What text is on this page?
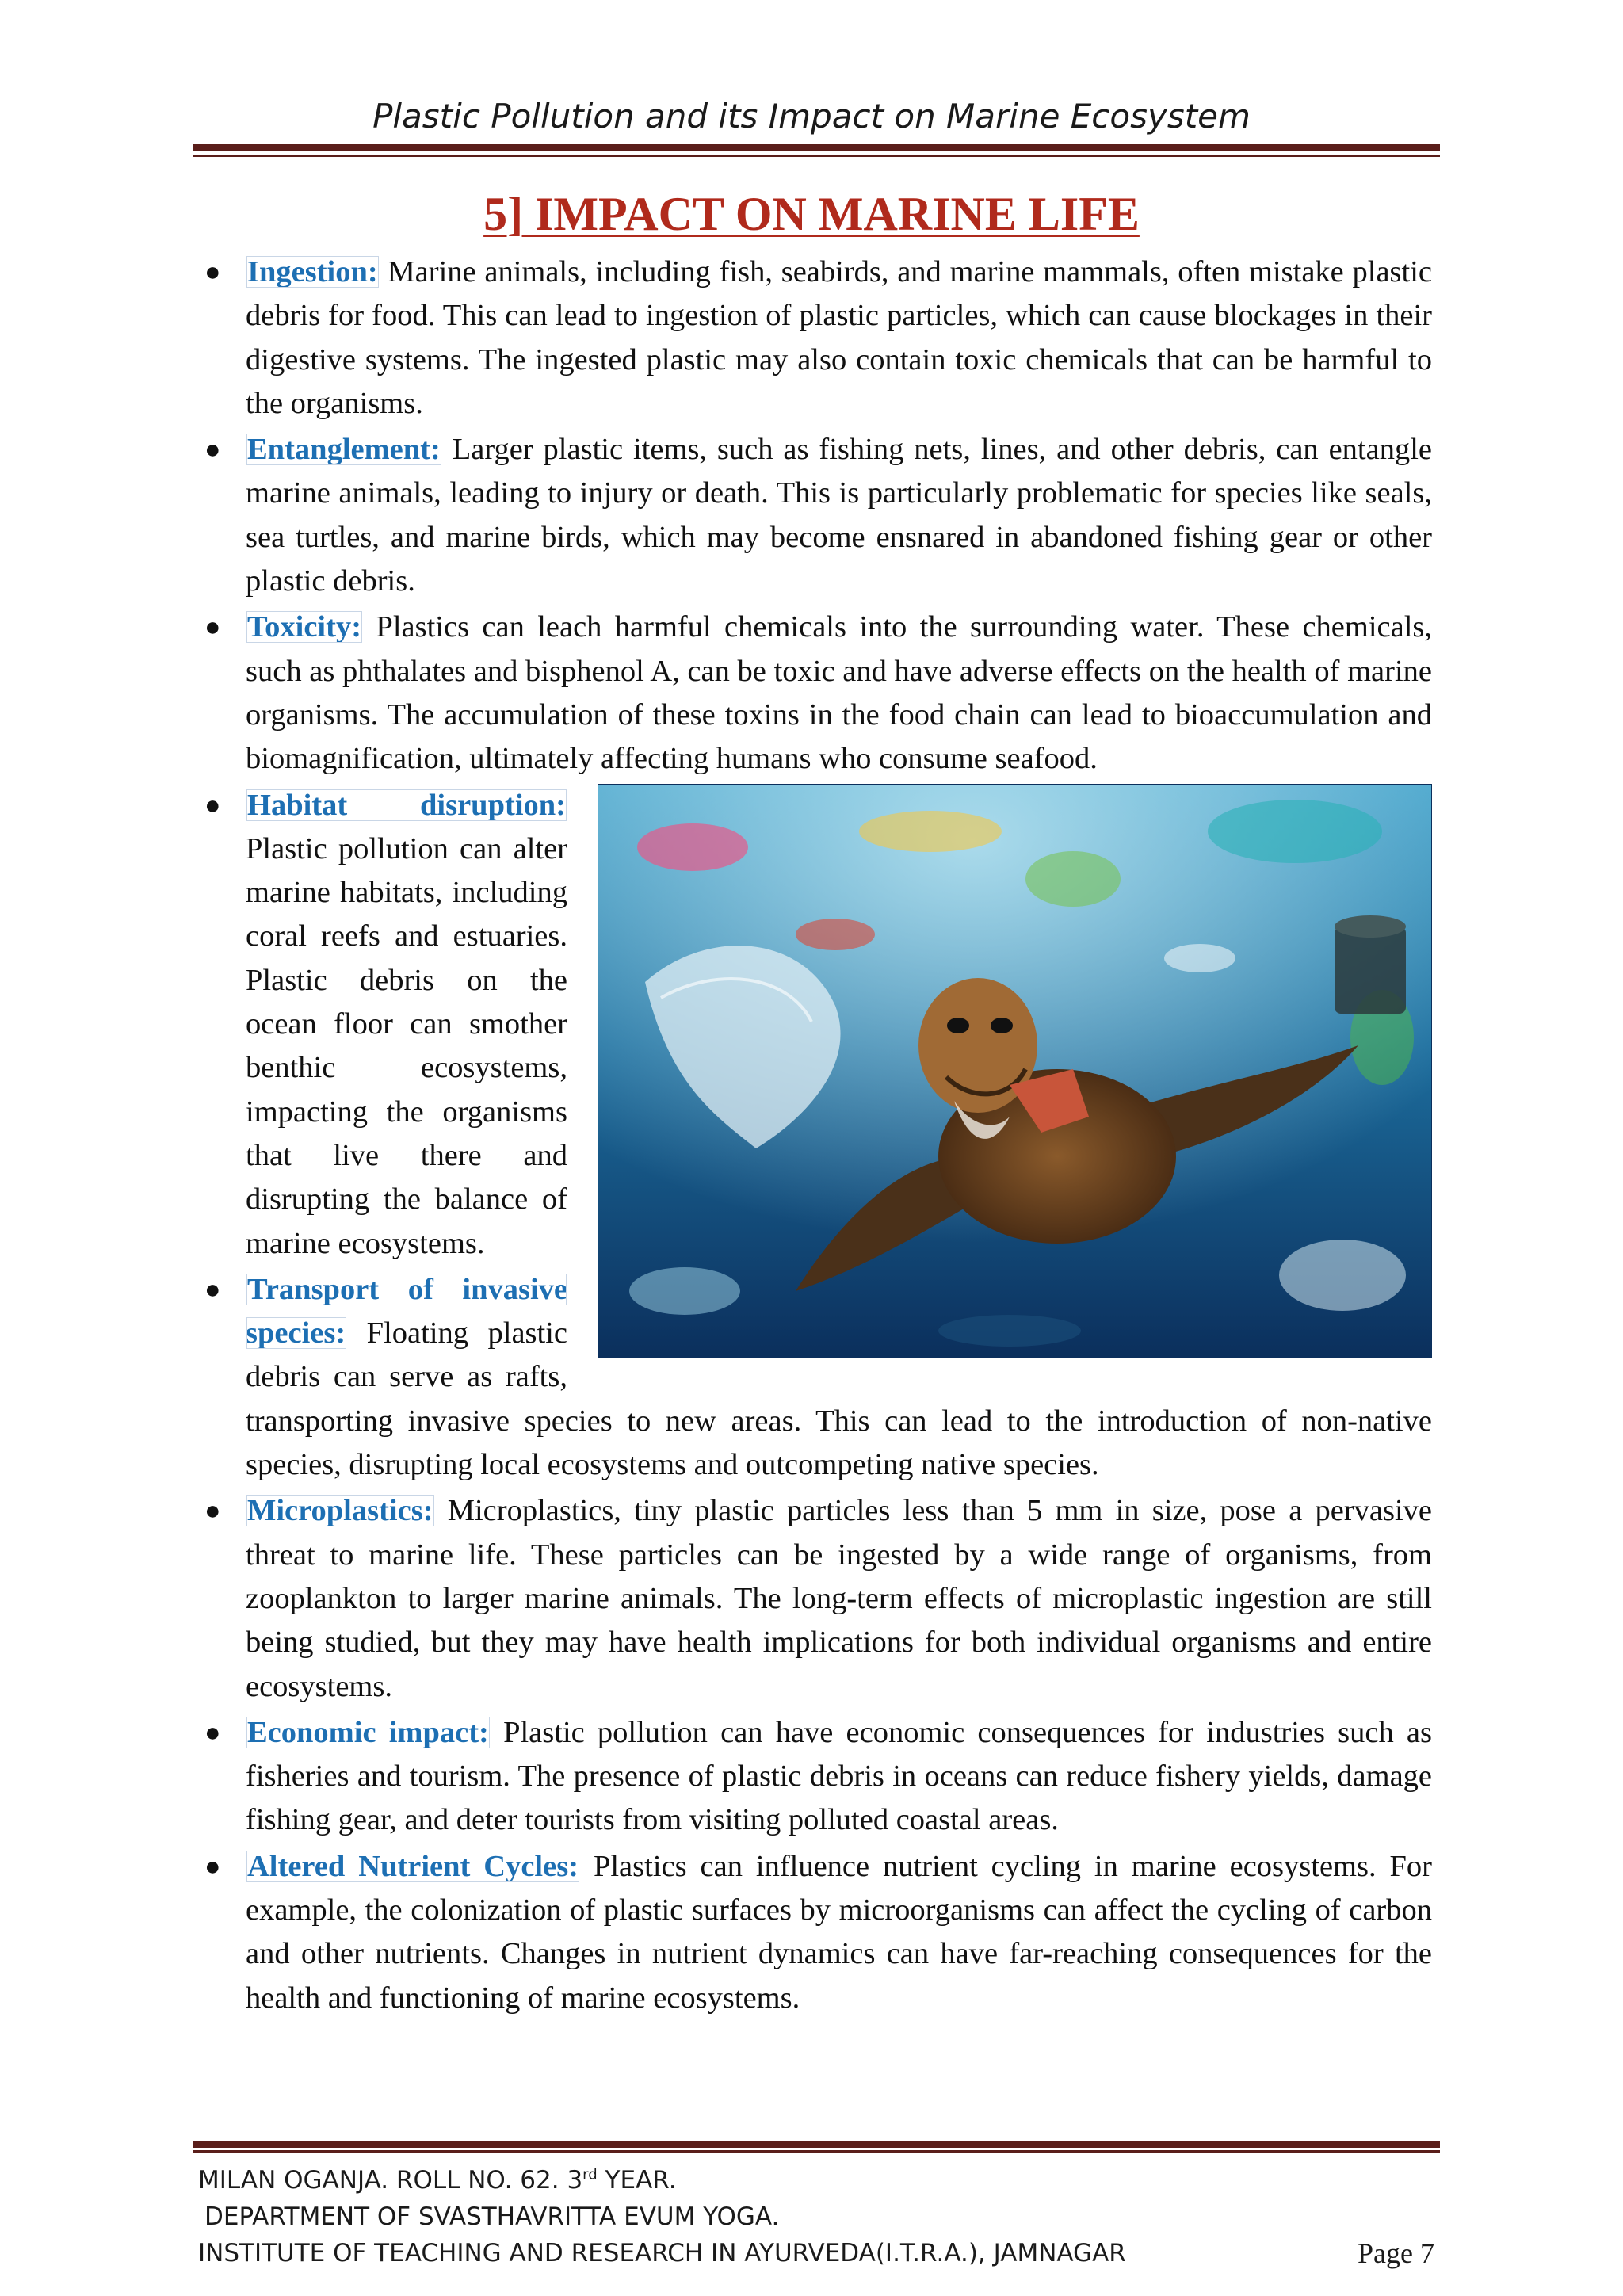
Plastic Pollution and its Impact on Marine Ecosystem
5] IMPACT ON MARINE LIFE
● Ingestion: Marine animals, including fish, seabirds, and marine mammals, often mistake plastic debris for food. This can lead to ingestion of plastic particles, which can cause blockages in their digestive systems. The ingested plastic may also contain toxic chemicals that can be harmful to the organisms.
● Entanglement: Larger plastic items, such as fishing nets, lines, and other debris, can entangle marine animals, leading to injury or death. This is particularly problematic for species like seals, sea turtles, and marine birds, which may become ensnared in abandoned fishing gear or other plastic debris.
● Toxicity: Plastics can leach harmful chemicals into the surrounding water. These chemicals, such as phthalates and bisphenol A, can be toxic and have adverse effects on the health of marine organisms. The accumulation of these toxins in the food chain can lead to bioaccumulation and biomagnification, ultimately affecting humans who consume seafood.
● Habitat disruption:
Plastic pollution can alter marine habitats, including coral reefs and estuaries. Plastic debris on the ocean floor can smother benthic ecosystems, impacting the organisms that live there and disrupting the balance of marine ecosystems.
● Transport of invasive species: Floating plastic debris can serve as rafts, transporting invasive species to new areas. This can lead to the introduction of non-native species, disrupting local ecosystems and outcompeting native species.
● Microplastics: Microplastics, tiny plastic particles less than 5 mm in size, pose a pervasive threat to marine life. These particles can be ingested by a wide range of organisms, from zooplankton to larger marine animals. The long-term effects of microplastic ingestion are still being studied, but they may have health implications for both individual organisms and entire ecosystems.
● Economic impact: Plastic pollution can have economic consequences for industries such as fisheries and tourism. The presence of plastic debris in oceans can reduce fishery yields, damage fishing gear, and deter tourists from visiting polluted coastal areas.
● Altered Nutrient Cycles: Plastics can influence nutrient cycling in marine ecosystems. For example, the colonization of plastic surfaces by microorganisms can affect the cycling of carbon and other nutrients. Changes in nutrient dynamics can have far-reaching consequences for the health and functioning of marine ecosystems.
MILAN OGANJA. ROLL NO. 62. 3rd YEAR.
DEPARTMENT OF SVASTHAVRITTA EVUM YOGA.
INSTITUTE OF TEACHING AND RESEARCH IN AYURVEDA(I.T.R.A.), JAMNAGAR	Page 7
